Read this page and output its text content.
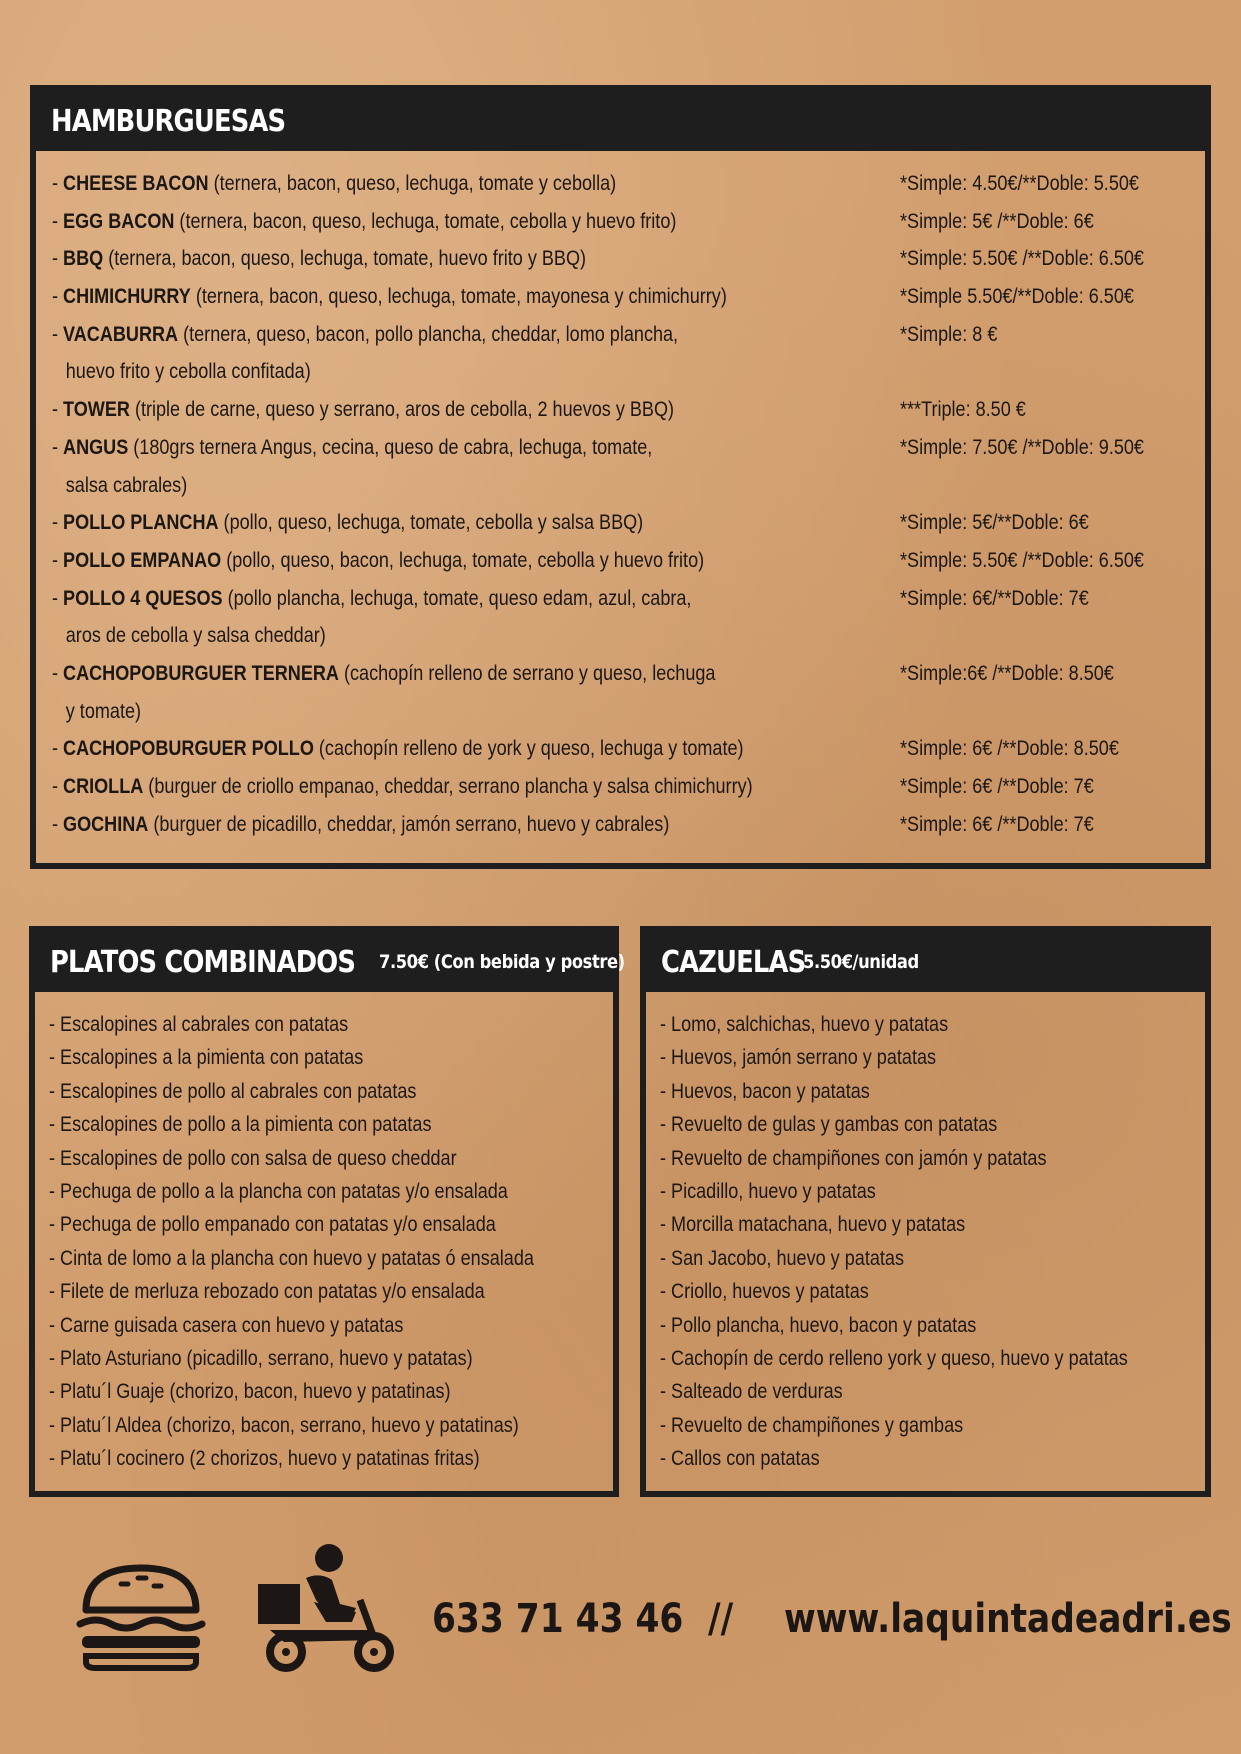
HAMBURGUESAS
- CHEESE BACON (ternera, bacon, queso, lechuga, tomate y cebolla)	*Simple: 4.50€/**Doble: 5.50€
- EGG BACON (ternera, bacon, queso, lechuga, tomate, cebolla y huevo frito)	*Simple: 5€ /**Doble: 6€
- BBQ (ternera, bacon, queso, lechuga, tomate, huevo frito y BBQ)	*Simple: 5.50€ /**Doble: 6.50€
- CHIMICHURRY (ternera, bacon, queso, lechuga, tomate, mayonesa y chimichurry)	*Simple 5.50€/**Doble: 6.50€
- VACABURRA (ternera, queso, bacon, pollo plancha, cheddar, lomo plancha,
huevo frito y cebolla confitada)
*Simple: 8 €
- TOWER (triple de carne, queso y serrano, aros de cebolla, 2 huevos y BBQ)	***Triple: 8.50 €
- ANGUS (180grs ternera Angus, cecina, queso de cabra, lechuga, tomate,
salsa cabrales)
*Simple: 7.50€ /**Doble: 9.50€
- POLLO PLANCHA (pollo, queso, lechuga, tomate, cebolla y salsa BBQ)	*Simple: 5€/**Doble: 6€
- POLLO EMPANAO (pollo, queso, bacon, lechuga, tomate, cebolla y huevo frito)	*Simple: 5.50€ /**Doble: 6.50€
- POLLO 4 QUESOS (pollo plancha, lechuga, tomate, queso edam, azul, cabra,
aros de cebolla y salsa cheddar)
*Simple: 6€/**Doble: 7€
- CACHOPOBURGUER TERNERA (cachopín relleno de serrano y queso, lechuga
y tomate)
*Simple:6€ /**Doble: 8.50€
- CACHOPOBURGUER POLLO (cachopín relleno de york y queso, lechuga y tomate)	*Simple: 6€ /**Doble: 8.50€
- CRIOLLA (burguer de criollo empanao, cheddar, serrano plancha y salsa chimichurry)	*Simple: 6€ /**Doble: 7€
- GOCHINA (burguer de picadillo, cheddar, jamón serrano, huevo y cabrales)	*Simple: 6€ /**Doble: 7€
PLATOS COMBINADOS 7.50€ (Con bebida y postre)
- Escalopines al cabrales con patatas
- Escalopines a la pimienta con patatas
- Escalopines de pollo al cabrales con patatas
- Escalopines de pollo a la pimienta con patatas
- Escalopines de pollo con salsa de queso cheddar
- Pechuga de pollo a la plancha con patatas y/o ensalada
- Pechuga de pollo empanado con patatas y/o ensalada
- Cinta de lomo a la plancha con huevo y patatas ó ensalada
- Filete de merluza rebozado con patatas y/o ensalada
- Carne guisada casera con huevo y patatas
- Plato Asturiano (picadillo, serrano, huevo y patatas)
- Platu´l Guaje (chorizo, bacon, huevo y patatinas)
- Platu´l Aldea (chorizo, bacon, serrano, huevo y patatinas)
- Platu´l cocinero (2 chorizos, huevo y patatinas fritas)
CAZUELAS
5.50€/unidad
- Lomo, salchichas, huevo y patatas
- Huevos, jamón serrano y patatas
- Huevos, bacon y patatas
- Revuelto de gulas y gambas con patatas
- Revuelto de champiñones con jamón y patatas
- Picadillo, huevo y patatas
- Morcilla matachana, huevo y patatas
- San Jacobo, huevo y patatas
- Criollo, huevos y patatas
- Pollo plancha, huevo, bacon y patatas
- Cachopín de cerdo relleno york y queso, huevo y patatas
- Salteado de verduras
- Revuelto de champiñones y gambas
- Callos con patatas
633 71 43 46 // www.laquintadeadri.es
